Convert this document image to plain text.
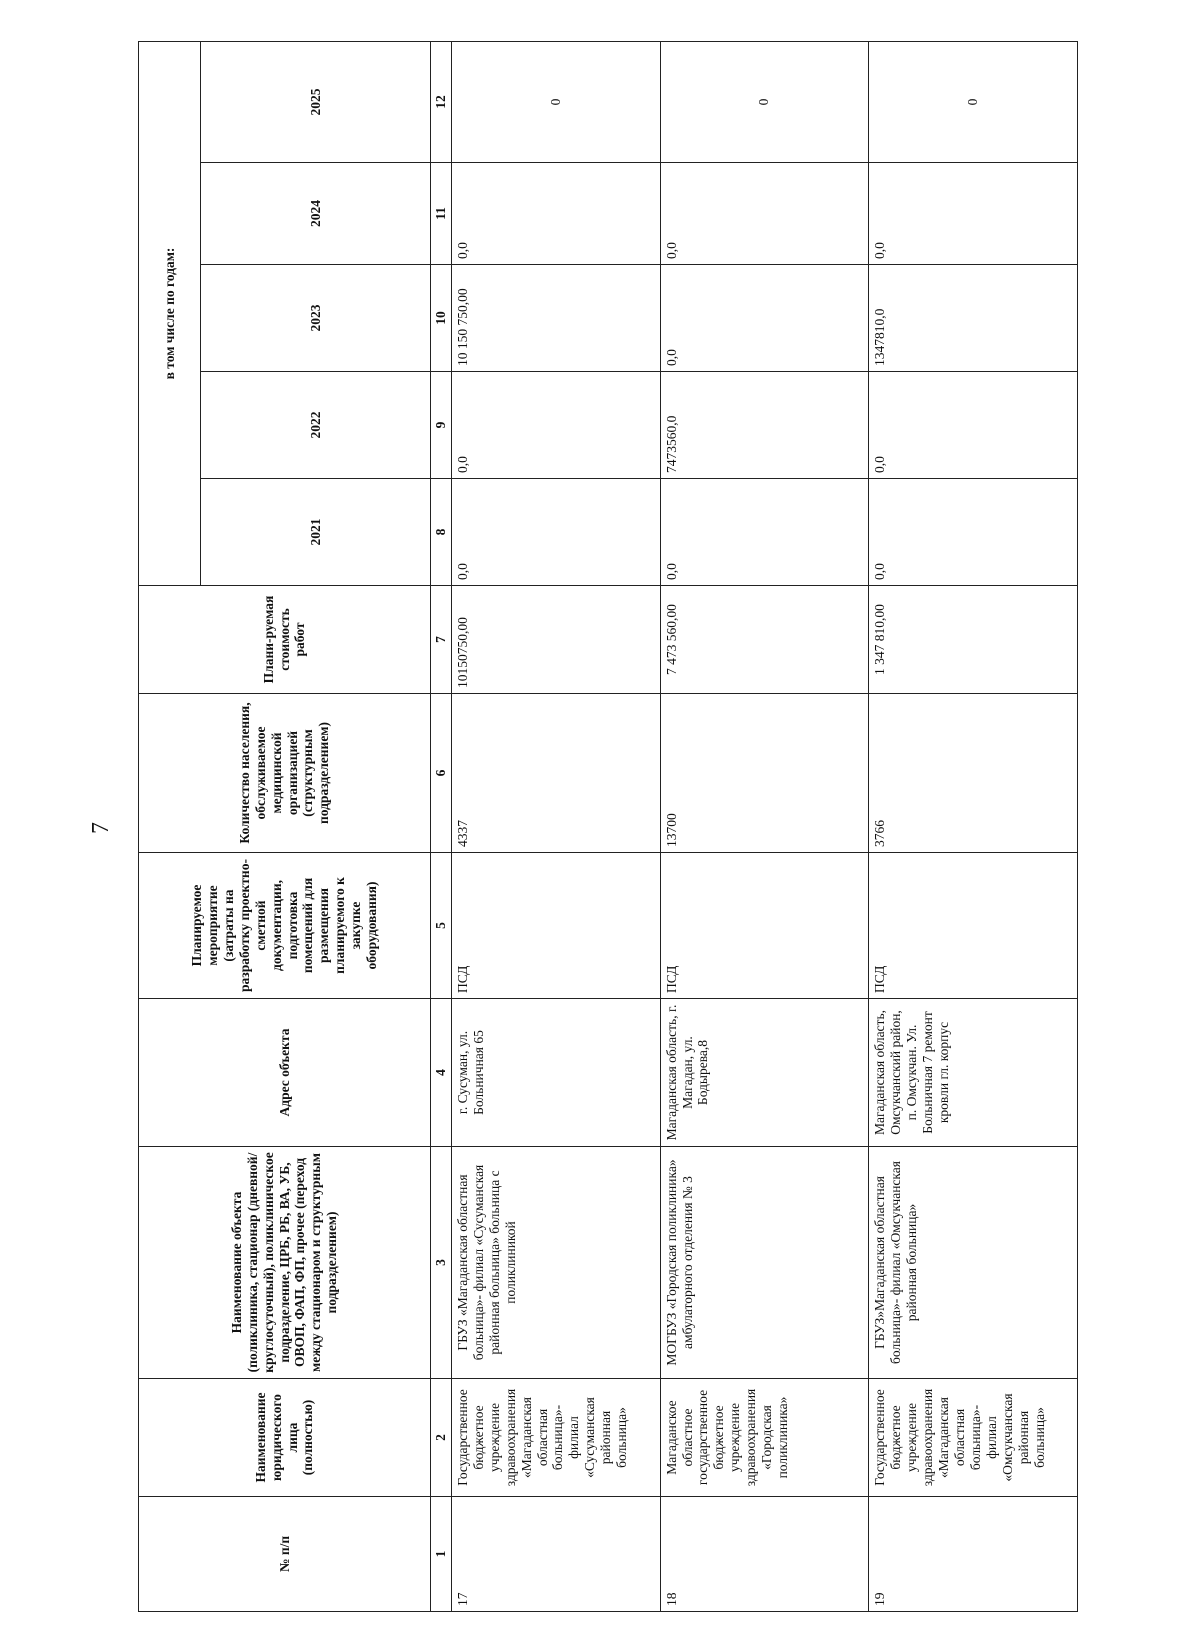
7
№ п/п	Наименование юридического лица (полностью)	Наименование объекта (поликлиника, стационар (дневной/круглосуточный), поликлиническое подразделение, ЦРБ, РБ, ВА, УБ, ОВОП, ФАП, ФП, прочее (переход между стационаром и структурным подразделением)	Адрес объекта	Планируемое мероприятие (затраты на разработку проектно-сметной документации, подготовка помещений для размещения планируемого к закупке оборудования)	Количество населения, обслуживаемое медицинской организацией (структурным подразделением)	Плани-руемая стоимость работ	в том числе по годам:				
							2021	2022	2023	2024	2025
1	2	3	4	5	6	7	8	9	10	11	12
17	Государственное бюджетное учреждение здравоохранения «Магаданская областная больница»- филиал «Сусуманская районная больница»	ГБУЗ «Магаданская областная больница»- филиал «Сусуманская районная больница» больница с поликлиникой	г. Сусуман, ул. Больничная 65	ПСД	4337	10150750,00	0,0	0,0	10 150 750,00	0,0	0
18	Магаданское областное государственное бюджетное учреждение здравоохранения «Городская поликлиника»	МОГБУЗ «Городская поликлиника» амбулаторного отделения № 3	Магаданская область, г. Магадан, ул. Бодырева,8	ПСД	13700	7 473 560,00	0,0	7473560,0	0,0	0,0	0
19	Государственное бюджетное учреждение здравоохранения «Магаданская областная больница»- филиал «Омсукчанская районная больница»	ГБУЗ»Магаданская областная больница»- филиал «Омсукчанская районная больница»	Магаданская область, Омсукчанский район, п. Омсукчан. Ул. Больничная 7 ремонт кровли гл. корпус	ПСД	3766	1 347 810,00	0,0	0,0	1347810,0	0,0	0
